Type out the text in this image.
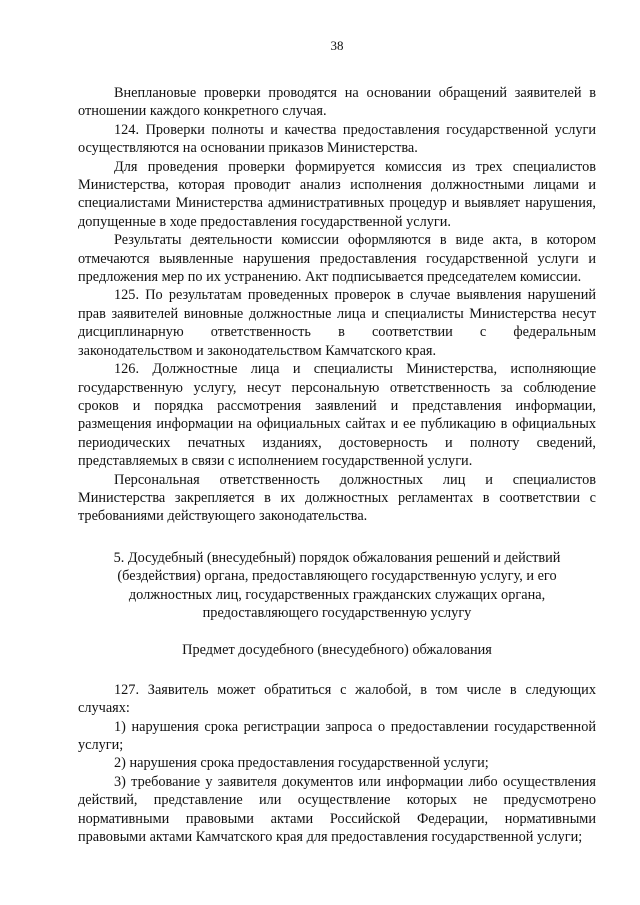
38

Внеплановые проверки проводятся на основании обращений заявителей в отношении каждого конкретного случая.

124. Проверки полноты и качества предоставления государственной услуги осуществляются на основании приказов Министерства.

Для проведения проверки формируется комиссия из трех специалистов Министерства, которая проводит анализ исполнения должностными лицами и специалистами Министерства административных процедур и выявляет нарушения, допущенные в ходе предоставления государственной услуги.

Результаты деятельности комиссии оформляются в виде акта, в котором отмечаются выявленные нарушения предоставления государственной услуги и предложения мер по их устранению. Акт подписывается председателем комиссии.

125. По результатам проведенных проверок в случае выявления нарушений прав заявителей виновные должностные лица и специалисты Министерства несут дисциплинарную ответственность в соответствии с федеральным законодательством и законодательством Камчатского края.

126. Должностные лица и специалисты Министерства, исполняющие государственную услугу, несут персональную ответственность за соблюдение сроков и порядка рассмотрения заявлений и представления информации, размещения информации на официальных сайтах и ее публикацию в официальных периодических печатных изданиях, достоверность и полноту сведений, представляемых в связи с исполнением государственной услуги.

Персональная ответственность должностных лиц и специалистов Министерства закрепляется в их должностных регламентах в соответствии с требованиями действующего законодательства.

5. Досудебный (внесудебный) порядок обжалования решений и действий (бездействия) органа, предоставляющего государственную услугу, и его должностных лиц, государственных гражданских служащих органа, предоставляющего государственную услугу
Предмет досудебного (внесудебного) обжалования

127. Заявитель может обратиться с жалобой, в том числе в следующих случаях:

1) нарушения срока регистрации запроса о предоставлении государственной услуги;

2) нарушения срока предоставления государственной услуги;

3) требование у заявителя документов или информации либо осуществления действий, представление или осуществление которых не предусмотрено нормативными правовыми актами Российской Федерации, нормативными правовыми актами Камчатского края для предоставления государственной услуги;
